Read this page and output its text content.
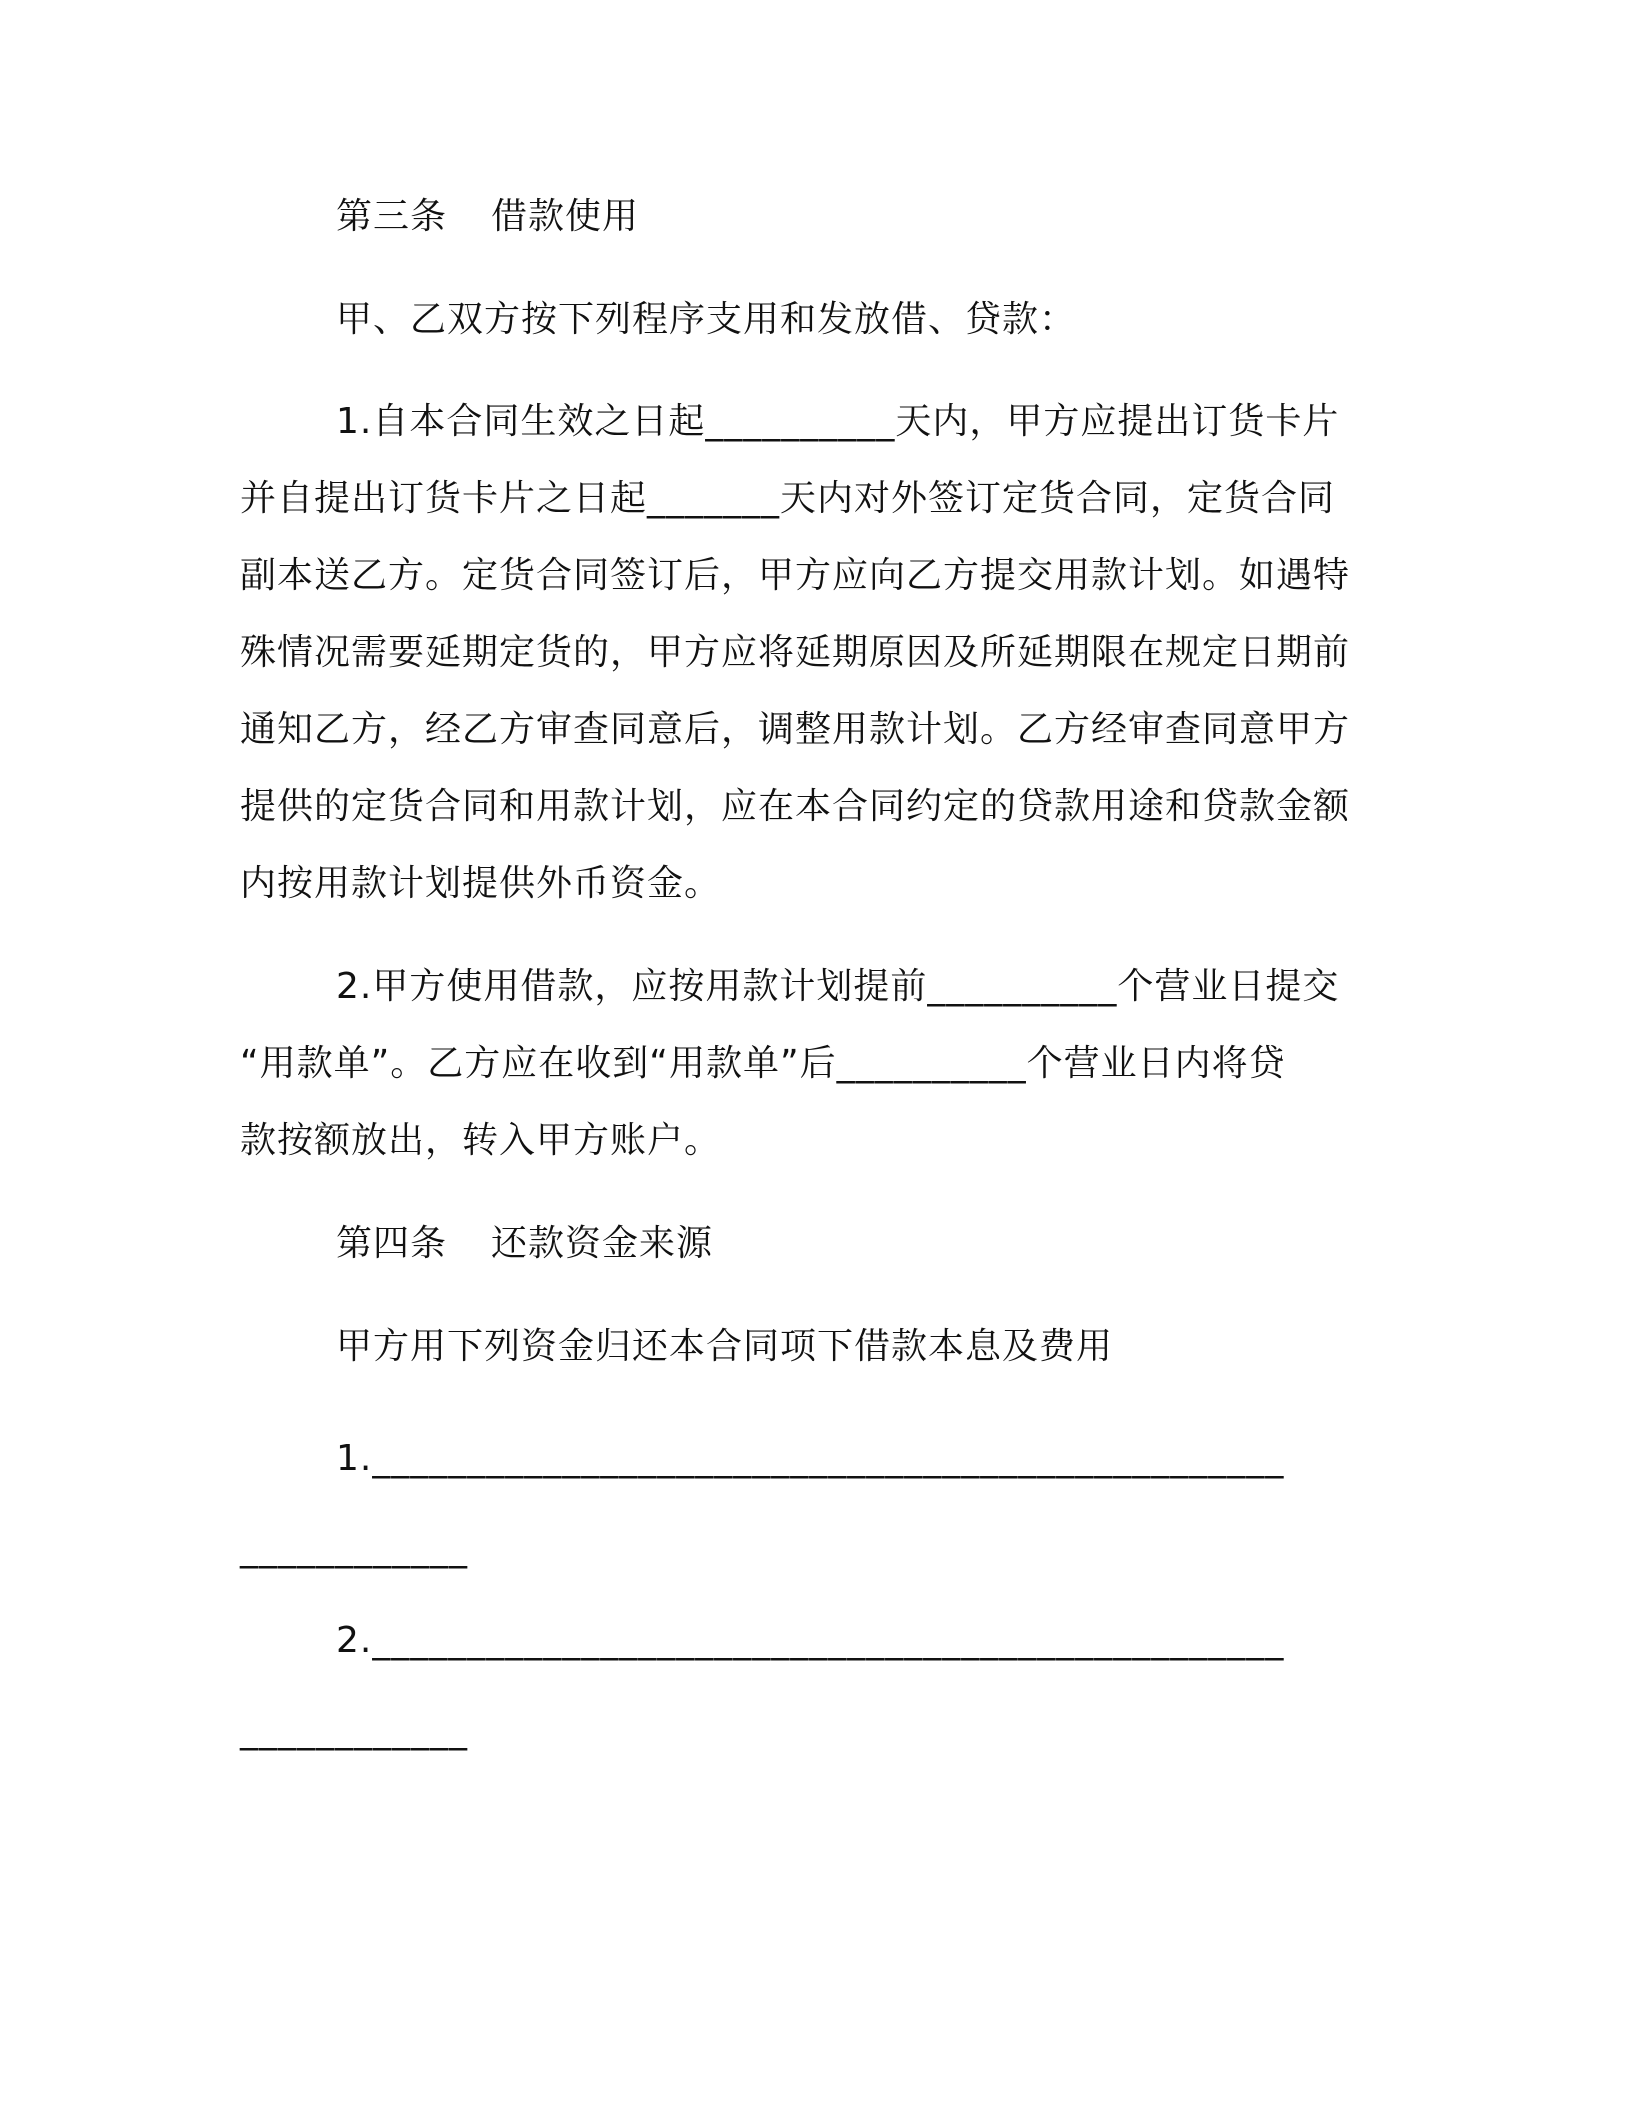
第三条 借款使用
甲、乙双方按下列程序支用和发放借、贷款：
1.自本合同生效之日起__________天内，甲方应提出订货卡片
并自提出订货卡片之日起_______天内对外签订定货合同，定货合同
副本送乙方。定货合同签订后，甲方应向乙方提交用款计划。如遇特
殊情况需要延期定货的，甲方应将延期原因及所延期限在规定日期前
通知乙方，经乙方审查同意后，调整用款计划。乙方经审查同意甲方
提供的定货合同和用款计划，应在本合同约定的贷款用途和贷款金额
内按用款计划提供外币资金。
2.甲方使用借款，应按用款计划提前__________个营业日提交
“用款单”。乙方应在收到“用款单”后__________个营业日内将贷
款按额放出，转入甲方账户。
第四条 还款资金来源
甲方用下列资金归还本合同项下借款本息及费用
1.________________________________________________
____________
2.________________________________________________
____________
